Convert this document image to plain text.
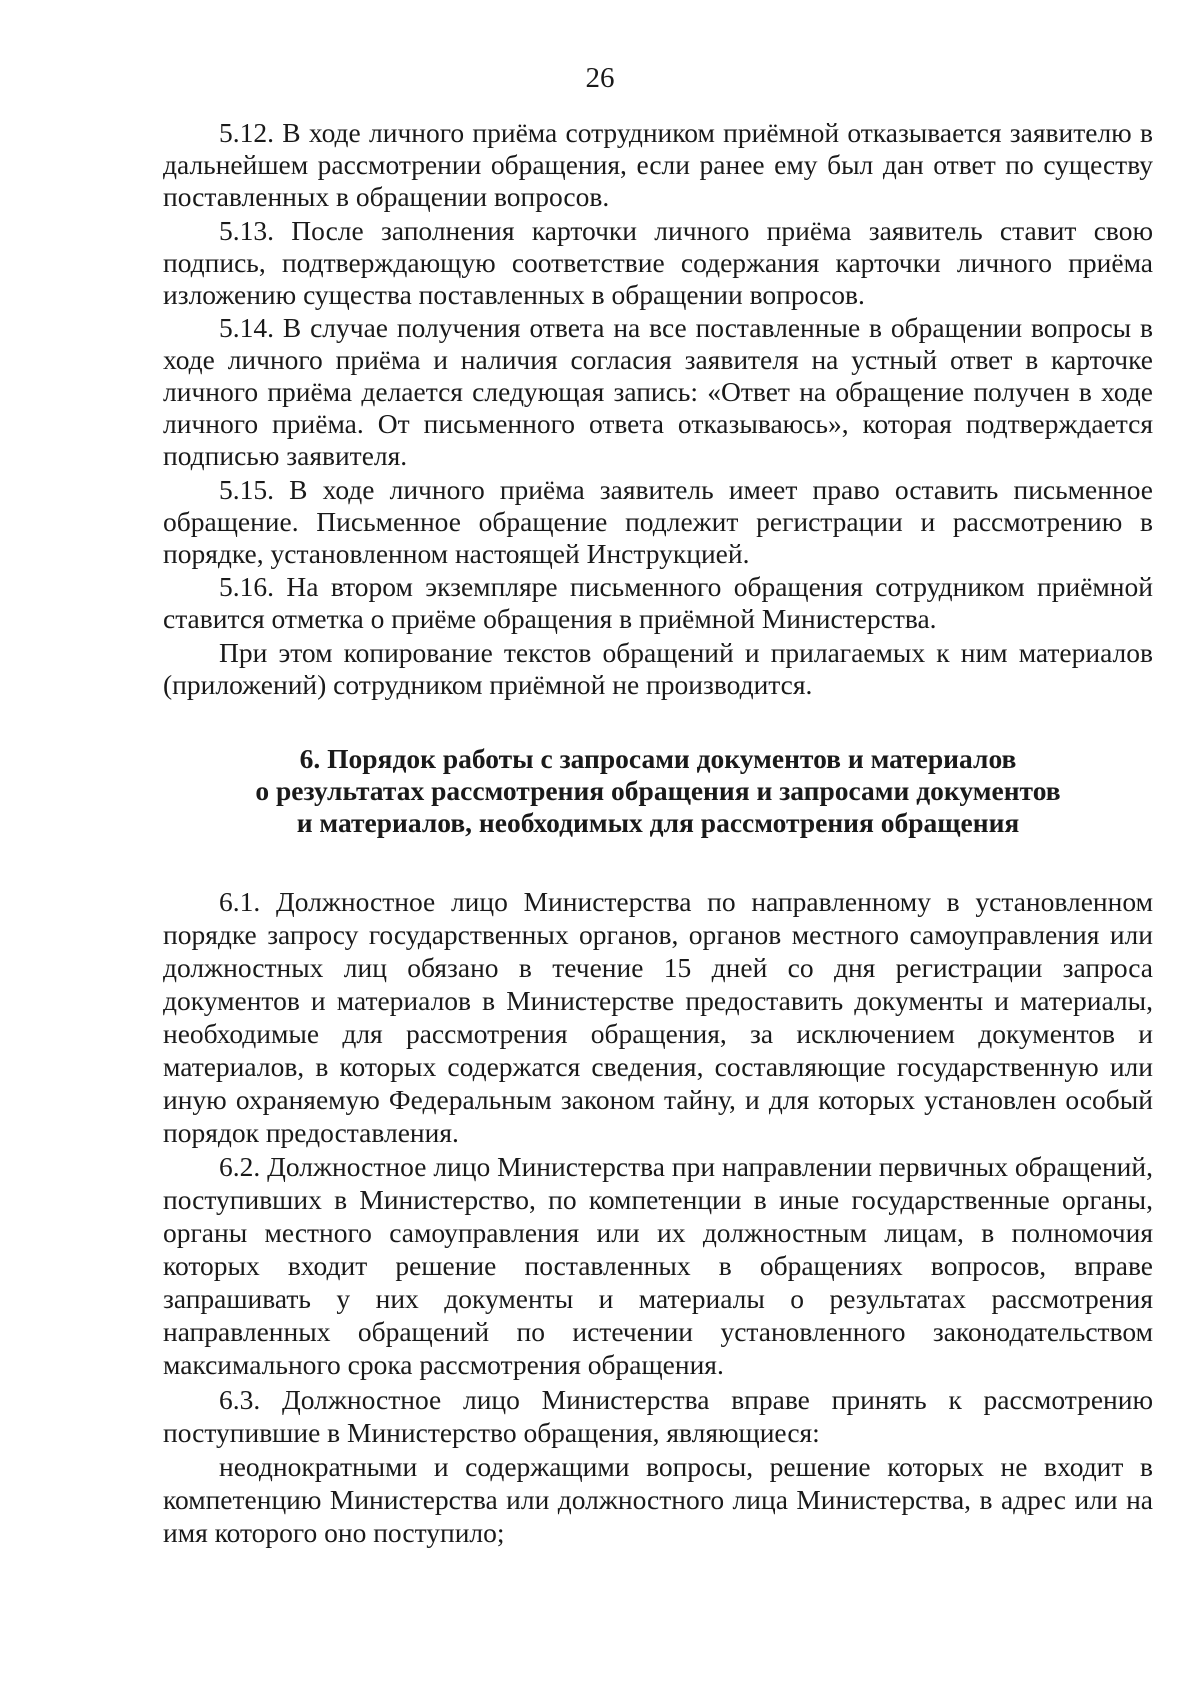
26

5.12. В ходе личного приёма сотрудником приёмной отказывается заявителю в дальнейшем рассмотрении обращения, если ранее ему был дан ответ по существу поставленных в обращении вопросов.

5.13. После заполнения карточки личного приёма заявитель ставит свою подпись, подтверждающую соответствие содержания карточки личного приёма изложению существа поставленных в обращении вопросов.

5.14. В случае получения ответа на все поставленные в обращении вопросы в ходе личного приёма и наличия согласия заявителя на устный ответ в карточке личного приёма делается следующая запись: «Ответ на обращение получен в ходе личного приёма. От письменного ответа отказываюсь», которая подтверждается подписью заявителя.

5.15. В ходе личного приёма заявитель имеет право оставить письменное обращение. Письменное обращение подлежит регистрации и рассмотрению в порядке, установленном настоящей Инструкцией.

5.16. На втором экземпляре письменного обращения сотрудником приёмной ставится отметка о приёме обращения в приёмной Министерства.

При этом копирование текстов обращений и прилагаемых к ним материалов (приложений) сотрудником приёмной не производится.

6. Порядок работы с запросами документов и материалов
о результатах рассмотрения обращения и запросами документов
и материалов, необходимых для рассмотрения обращения

6.1. Должностное лицо Министерства по направленному в установленном порядке запросу государственных органов, органов местного самоуправления или должностных лиц обязано в течение 15 дней со дня регистрации запроса документов и материалов в Министерстве предоставить документы и материалы, необходимые для рассмотрения обращения, за исключением документов и материалов, в которых содержатся сведения, составляющие государственную или иную охраняемую Федеральным законом тайну, и для которых установлен особый порядок предоставления.

6.2. Должностное лицо Министерства при направлении первичных обращений, поступивших в Министерство, по компетенции в иные государственные органы, органы местного самоуправления или их должностным лицам, в полномочия которых входит решение поставленных в обращениях вопросов, вправе запрашивать у них документы и материалы о результатах рассмотрения направленных обращений по истечении установленного законодательством максимального срока рассмотрения обращения.

6.3. Должностное лицо Министерства вправе принять к рассмотрению поступившие в Министерство обращения, являющиеся:

неоднократными и содержащими вопросы, решение которых не входит в компетенцию Министерства или должностного лица Министерства, в адрес или на имя которого оно поступило;
